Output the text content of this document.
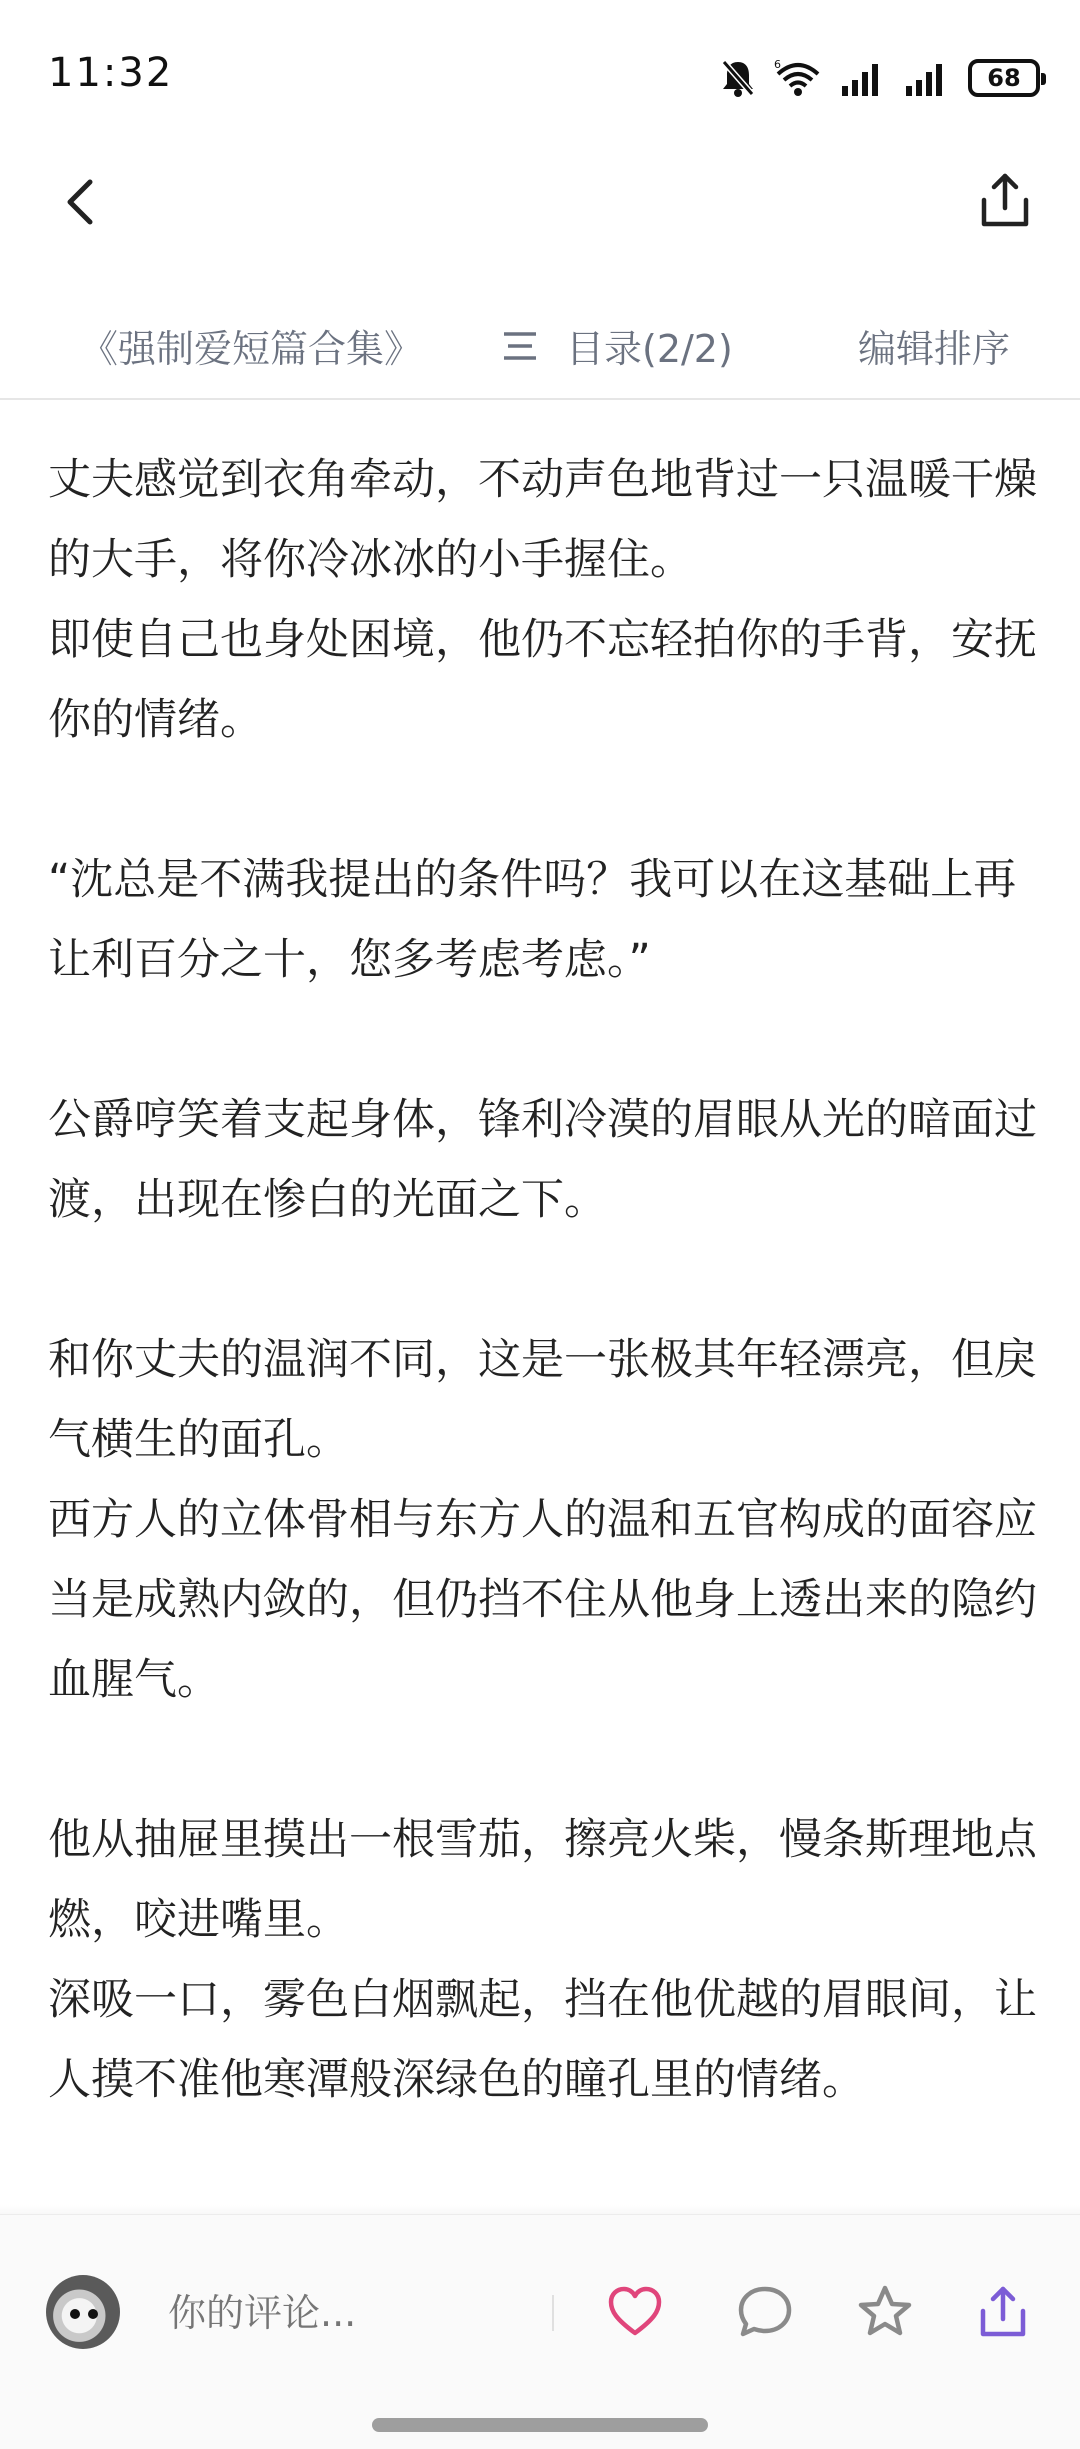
11:32	6	68
《强制爱短篇合集》	目录(2/2)	编辑排序

丈夫感觉到衣角牵动，不动声色地背过一只温暖干燥的大手，将你冷冰冰的小手握住。

即使自己也身处困境，他仍不忘轻拍你的手背，安抚你的情绪。

“沈总是不满我提出的条件吗？我可以在这基础上再让利百分之十，您多考虑考虑。”

公爵哼笑着支起身体，锋利冷漠的眉眼从光的暗面过渡，出现在惨白的光面之下。

和你丈夫的温润不同，这是一张极其年轻漂亮，但戾气横生的面孔。

西方人的立体骨相与东方人的温和五官构成的面容应当是成熟内敛的，但仍挡不住从他身上透出来的隐约血腥气。

他从抽屉里摸出一根雪茄，擦亮火柴，慢条斯理地点燃，咬进嘴里。

深吸一口，雾色白烟飘起，挡在他优越的眉眼间，让人摸不准他寒潭般深绿色的瞳孔里的情绪。

你的评论...
